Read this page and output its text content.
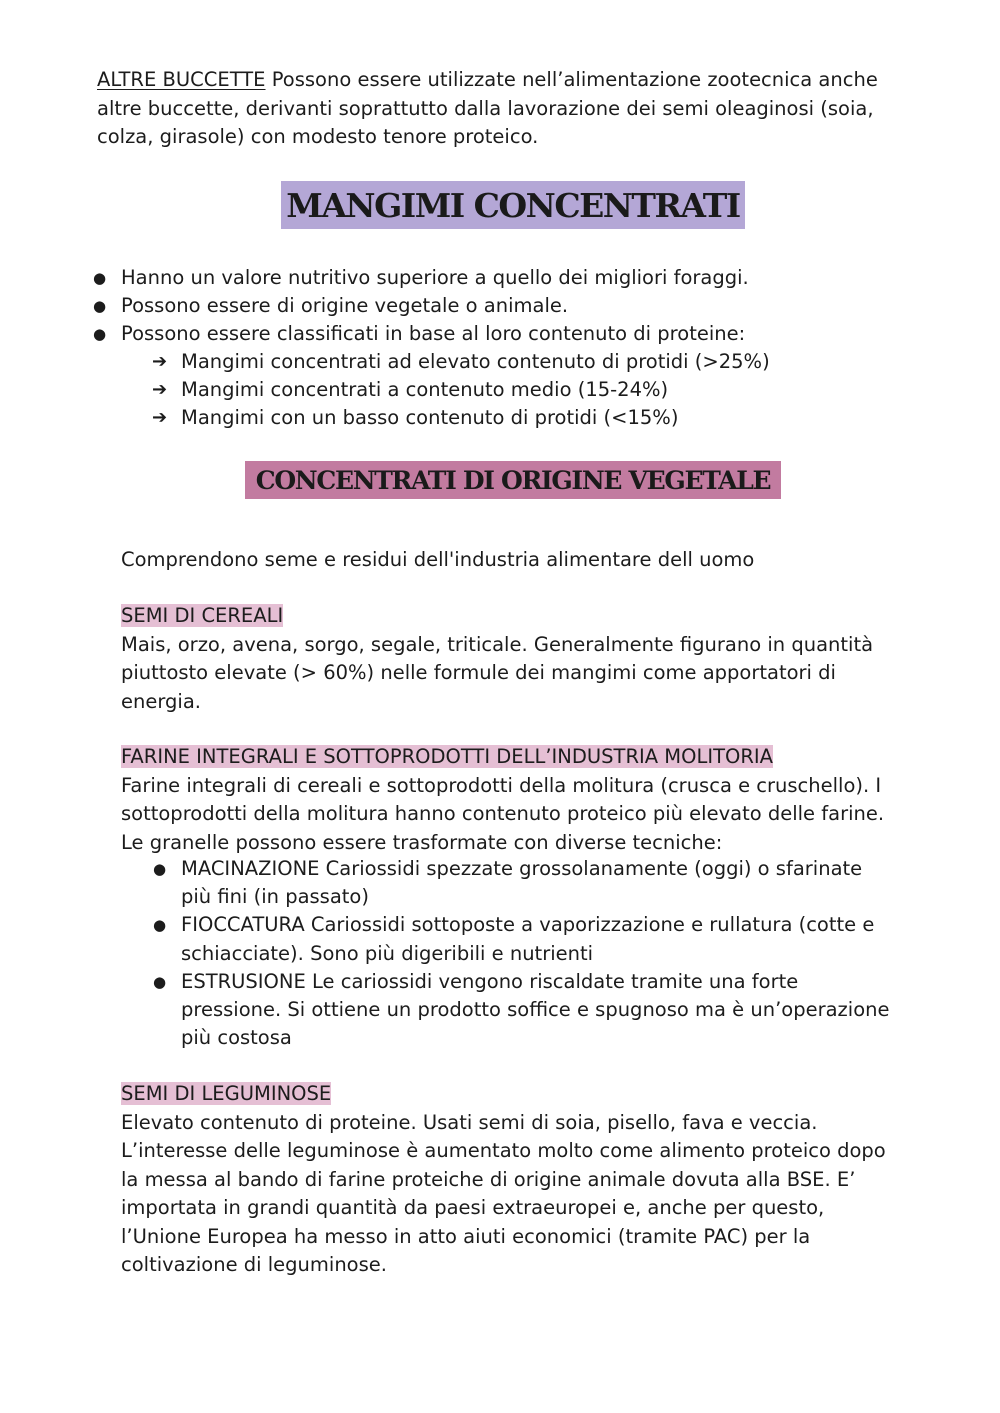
ALTRE BUCCETTE Possono essere utilizzate nell’alimentazione zootecnica anche
altre buccette, derivanti soprattutto dalla lavorazione dei semi oleaginosi (soia,
colza, girasole) con modesto tenore proteico.
MANGIMI CONCENTRATI
● Hanno un valore nutritivo superiore a quello dei migliori foraggi.
● Possono essere di origine vegetale o animale.
● Possono essere classificati in base al loro contenuto di proteine:
➔ Mangimi concentrati ad elevato contenuto di protidi (>25%)
➔ Mangimi concentrati a contenuto medio (15-24%)
➔ Mangimi con un basso contenuto di protidi (<15%)
CONCENTRATI DI ORIGINE VEGETALE
Comprendono seme e residui dell'industria alimentare dell uomo
SEMI DI CEREALI
Mais, orzo, avena, sorgo, segale, triticale. Generalmente figurano in quantità
piuttosto elevate (> 60%) nelle formule dei mangimi come apportatori di
energia.
FARINE INTEGRALI E SOTTOPRODOTTI DELL’INDUSTRIA MOLITORIA
Farine integrali di cereali e sottoprodotti della molitura (crusca e cruschello). I
sottoprodotti della molitura hanno contenuto proteico più elevato delle farine.
Le granelle possono essere trasformate con diverse tecniche:
● MACINAZIONE Cariossidi spezzate grossolanamente (oggi) o sfarinate
più fini (in passato)
● FIOCCATURA Cariossidi sottoposte a vaporizzazione e rullatura (cotte e
schiacciate). Sono più digeribili e nutrienti
● ESTRUSIONE Le cariossidi vengono riscaldate tramite una forte
pressione. Si ottiene un prodotto soffice e spugnoso ma è un’operazione
più costosa
SEMI DI LEGUMINOSE
Elevato contenuto di proteine. Usati semi di soia, pisello, fava e veccia.
L’interesse delle leguminose è aumentato molto come alimento proteico dopo
la messa al bando di farine proteiche di origine animale dovuta alla BSE. E’
importata in grandi quantità da paesi extraeuropei e, anche per questo,
l’Unione Europea ha messo in atto aiuti economici (tramite PAC) per la
coltivazione di leguminose.
